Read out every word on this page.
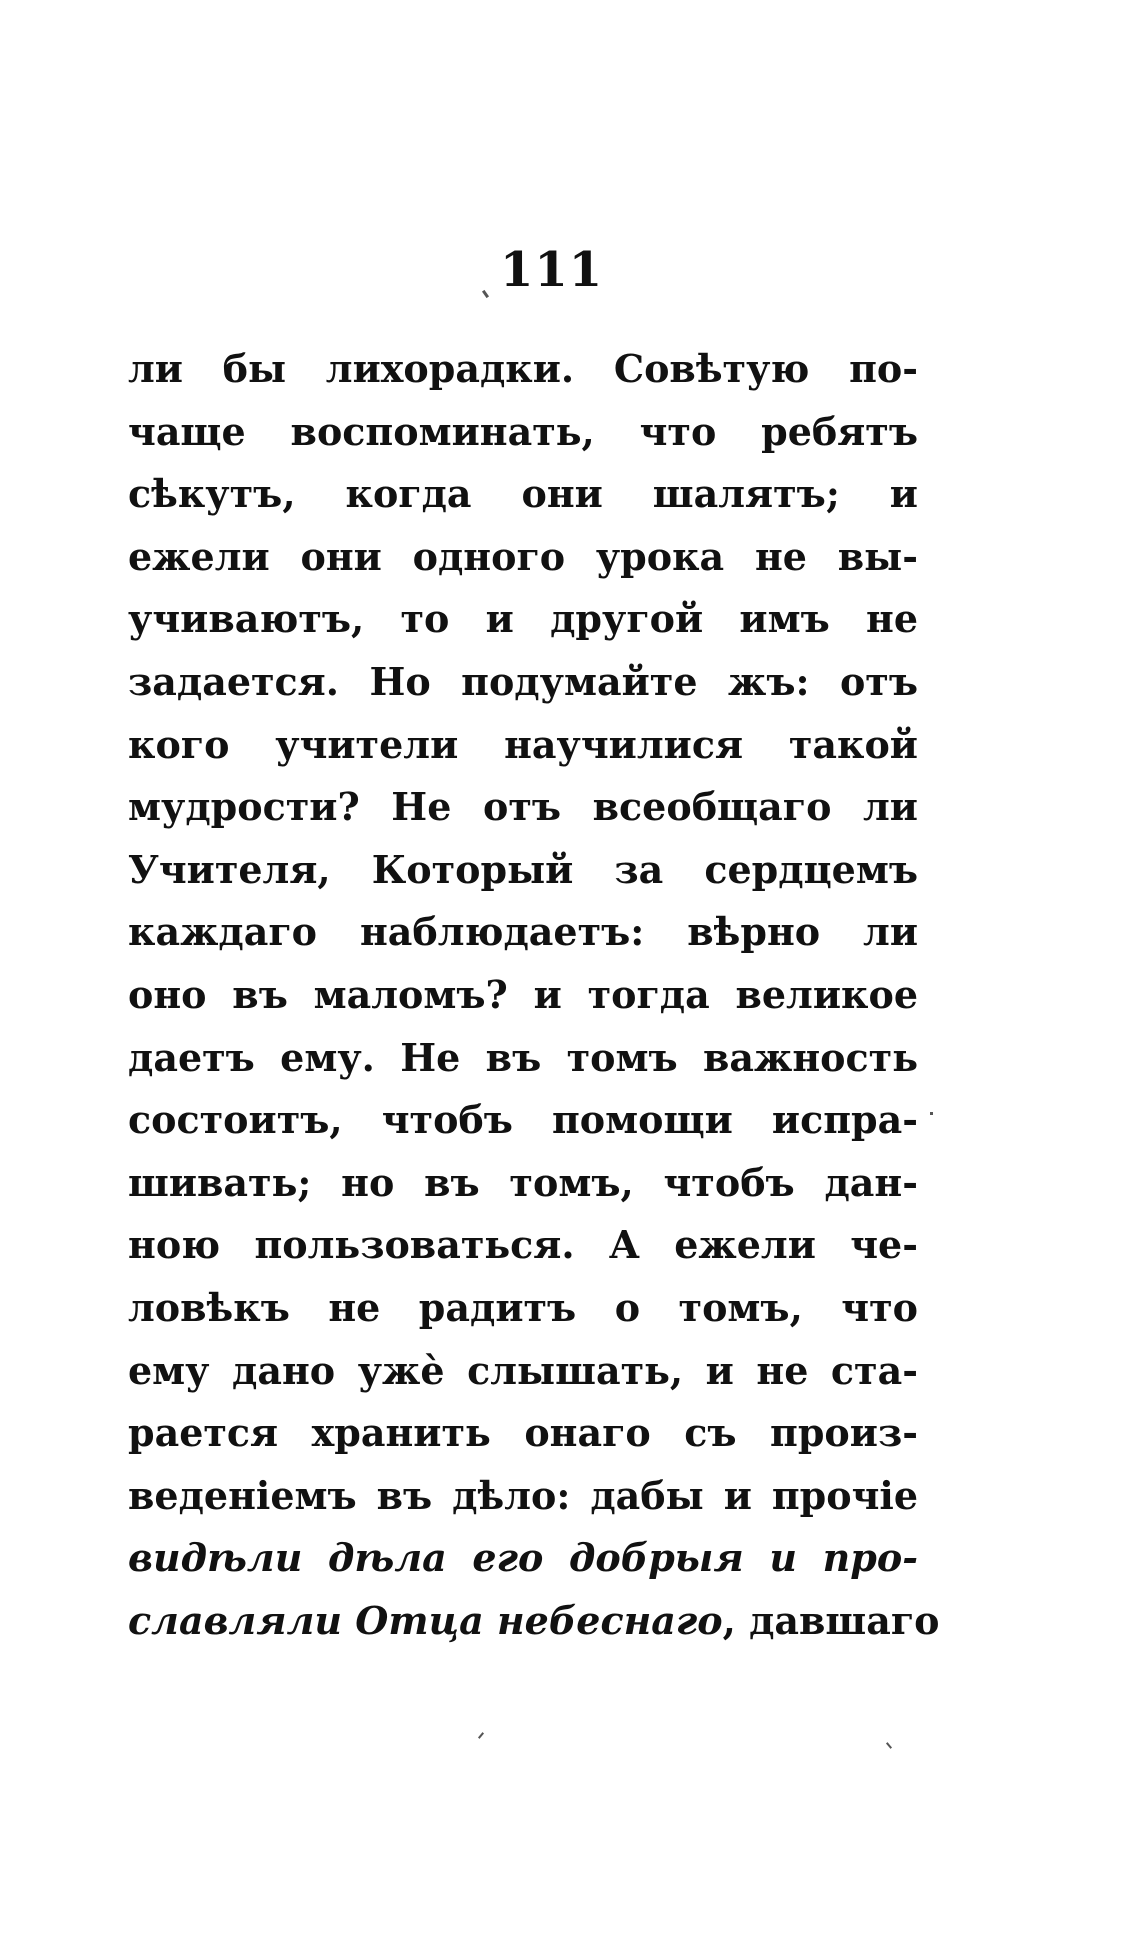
111
ли бы лихорадки. Совѣтую по-
чаще воспоминать, что ребятъ
сѣкутъ, когда они шалятъ; и
ежели они одного урока не вы-
учиваютъ, то и другой имъ не
задается. Но подумайте жъ: отъ
кого учители научилися такой
мудрости? Не отъ всеобщаго ли
Учителя, Который за сердцемъ
каждаго наблюдаетъ: вѣрно ли
оно въ маломъ? и тогда великое
даетъ ему. Не въ томъ важность
состоитъ, чтобъ помощи испра-
шивать; но въ томъ, чтобъ дан-
ною пользоваться. А ежели че-
ловѣкъ не радитъ о томъ, что
ему дано ужѐ слышать, и не ста-
рается хранить онаго съ произ-
веденіемъ въ дѣло: дабы и прочіе
видѣли дѣла его добрыя и про-
славляли Отца небеснаго, давшаго
